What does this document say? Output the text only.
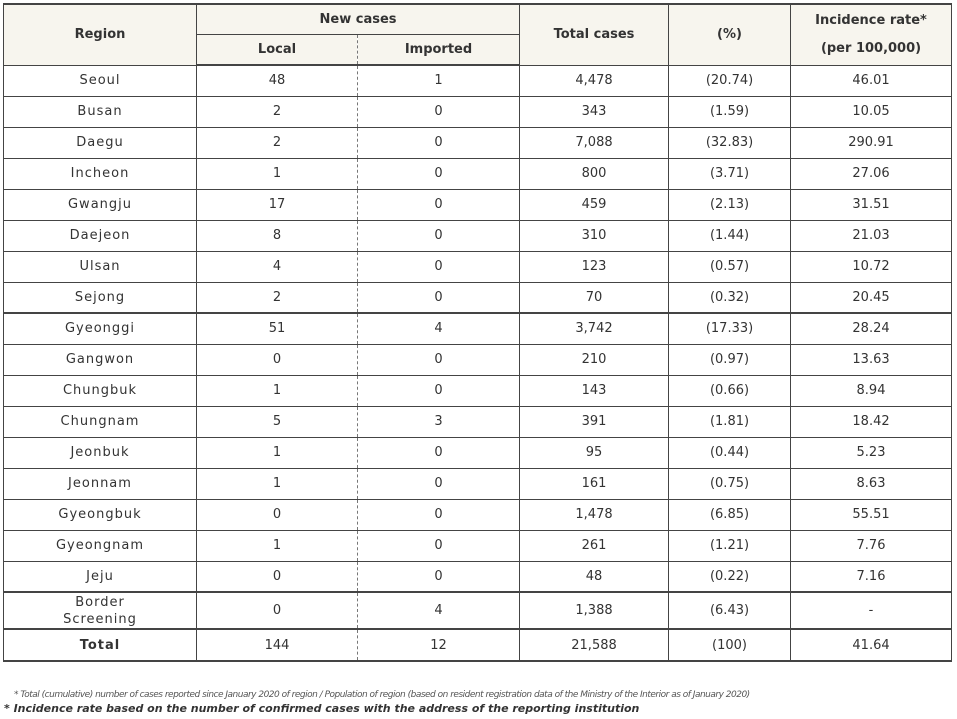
Region	New cases		Total cases	(%)	Incidence rate*
(per 100,000)

	Local	Imported			
Seoul	48	1	4,478	(20.74)	46.01
Busan	2	0	343	(1.59)	10.05
Daegu	2	0	7,088	(32.83)	290.91
Incheon	1	0	800	(3.71)	27.06
Gwangju	17	0	459	(2.13)	31.51
Daejeon	8	0	310	(1.44)	21.03
Ulsan	4	0	123	(0.57)	10.72
Sejong	2	0	70	(0.32)	20.45
Gyeonggi	51	4	3,742	(17.33)	28.24
Gangwon	0	0	210	(0.97)	13.63
Chungbuk	1	0	143	(0.66)	8.94
Chungnam	5	3	391	(1.81)	18.42
Jeonbuk	1	0	95	(0.44)	5.23
Jeonnam	1	0	161	(0.75)	8.63
Gyeongbuk	0	0	1,478	(6.85)	55.51
Gyeongnam	1	0	261	(1.21)	7.76
Jeju	0	0	48	(0.22)	7.16

Border
Screening	0	4	1,388	(6.43)	-
Total	144	12	21,588	(100)	41.64
* Total (cumulative) number of cases reported since January 2020 of region / Population of region (based on resident registration data of the Ministry of the Interior as of January 2020)
* Incidence rate based on the number of confirmed cases with the address of the reporting institution
